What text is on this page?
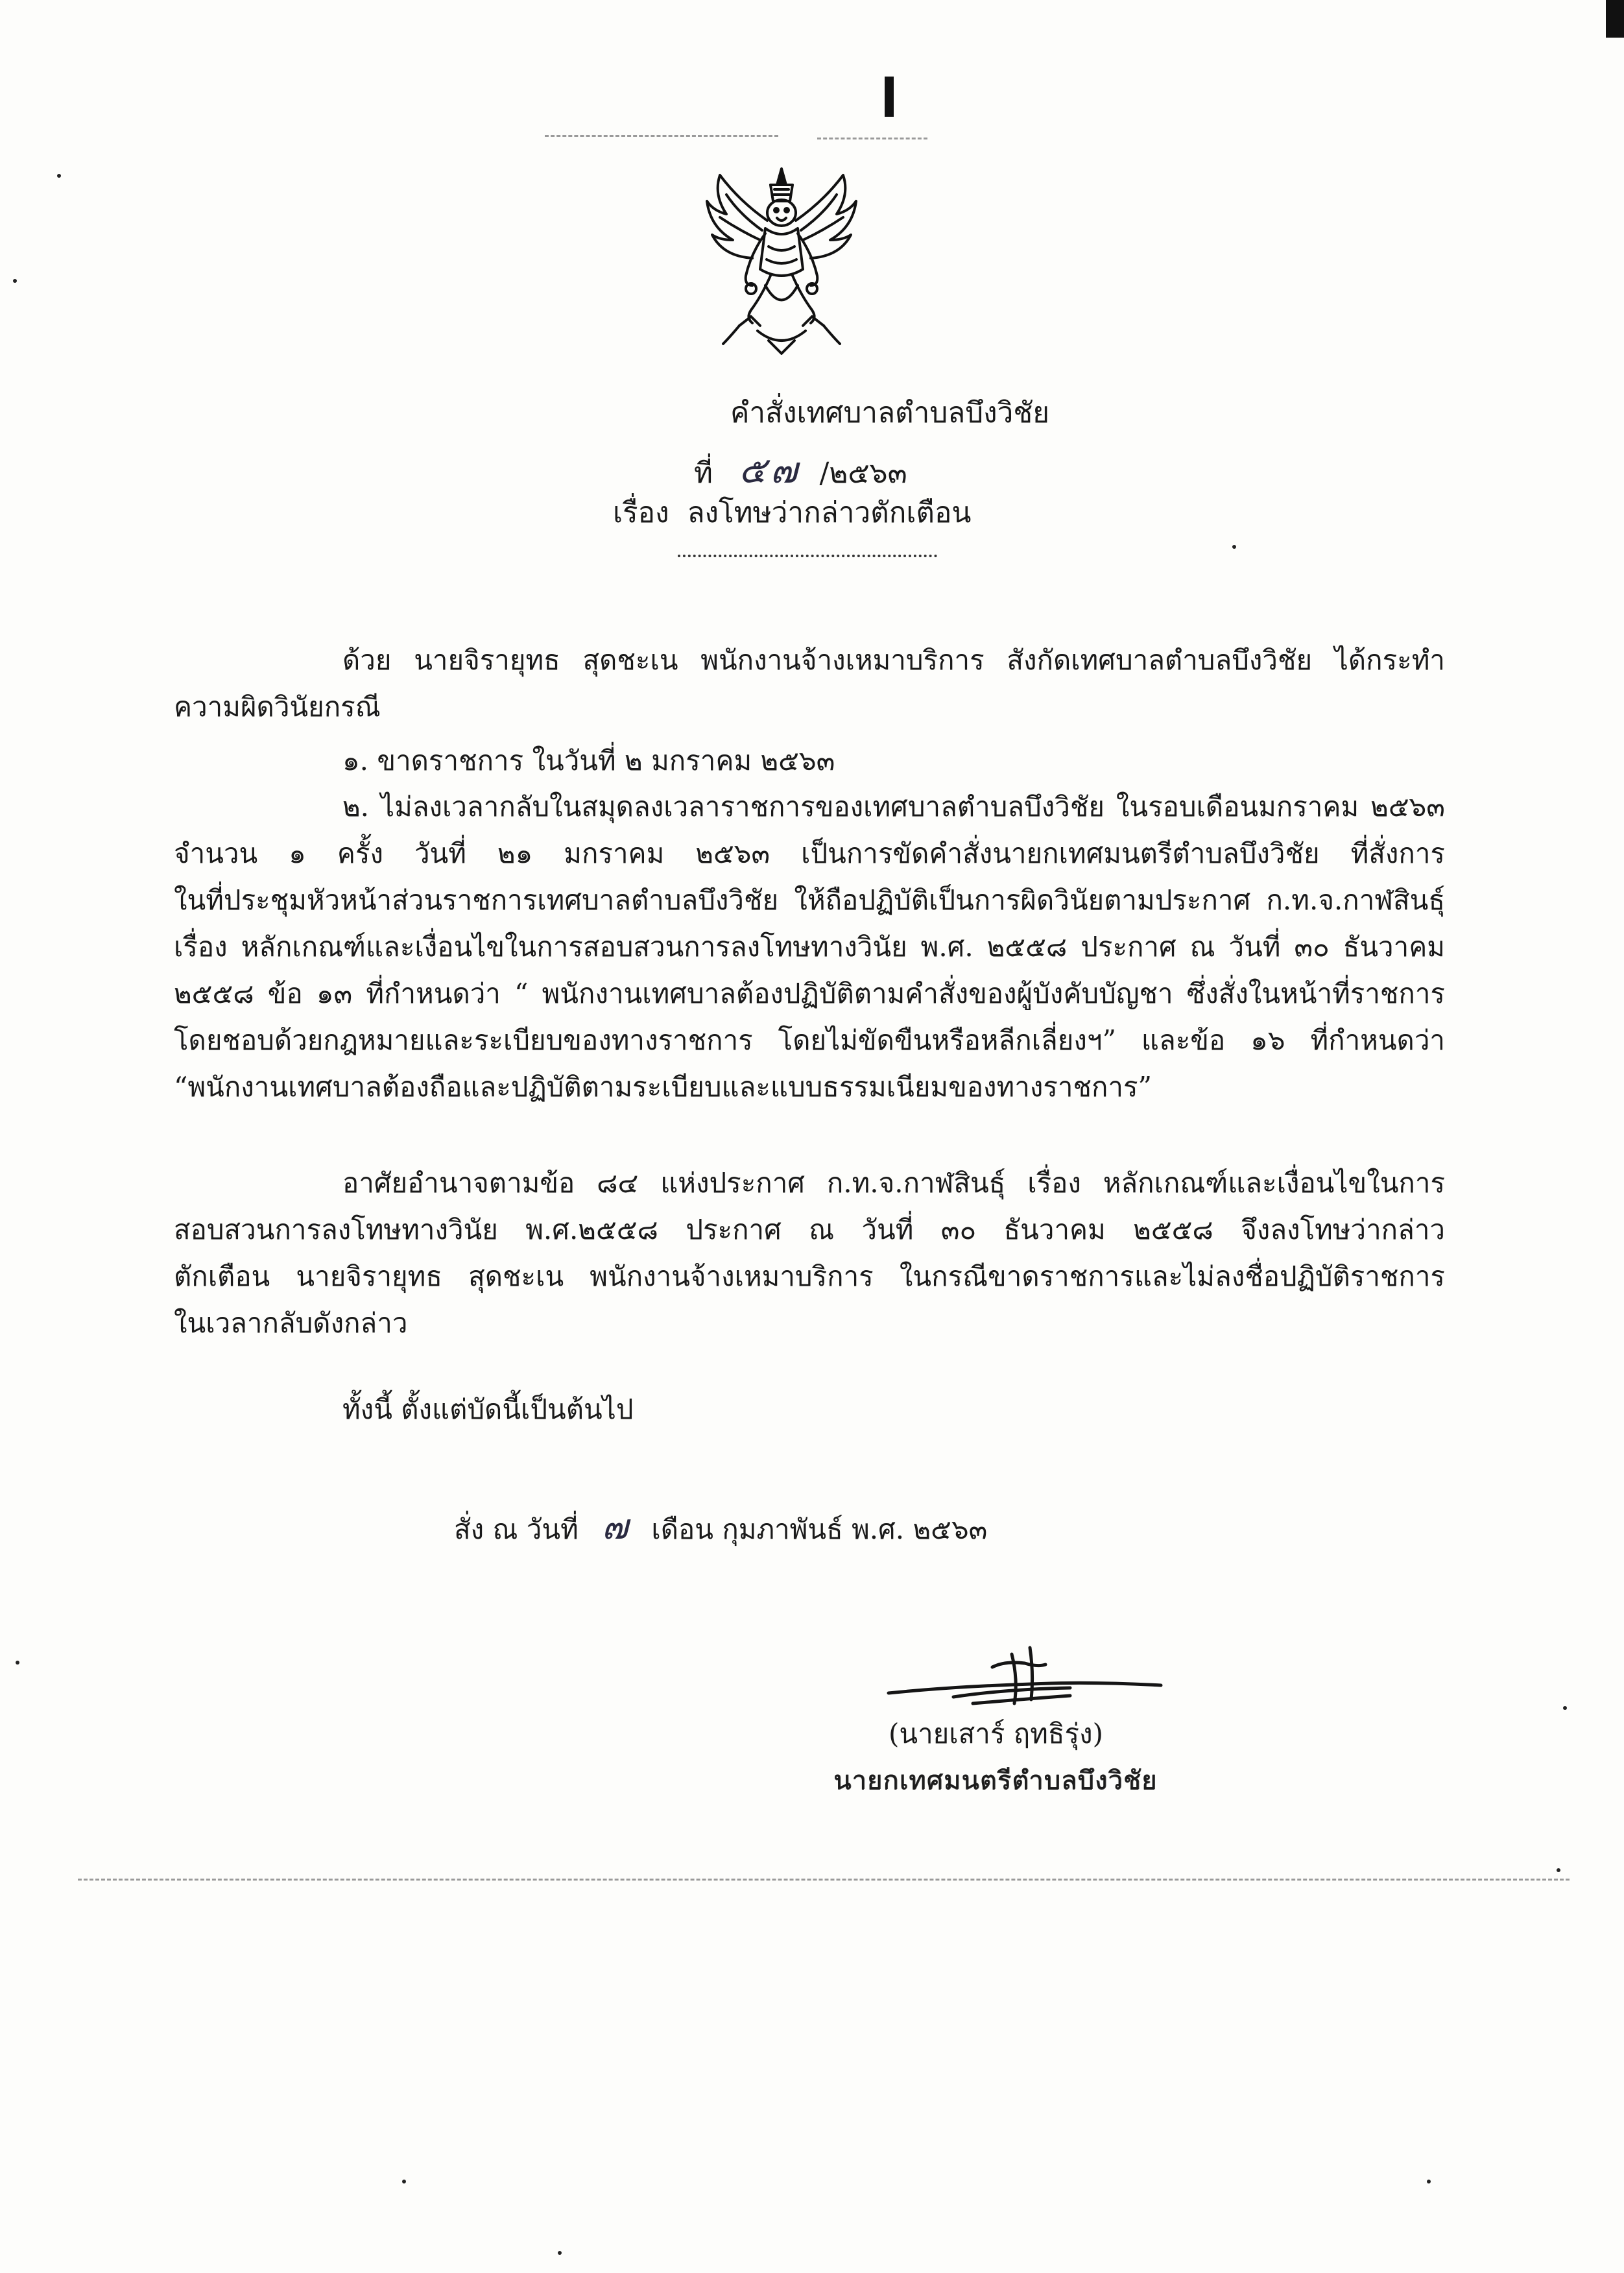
คำสั่งเทศบาลตำบลบึงวิชัย
ที่ ๕๗ /๒๕๖๓
เรื่อง ลงโทษว่ากล่าวตักเตือน
ด้วย นายจิรายุทธ สุดชะเน พนักงานจ้างเหมาบริการ สังกัดเทศบาลตำบลบึงวิชัย ได้กระทำ
ความผิดวินัยกรณี
๑. ขาดราชการ ในวันที่ ๒ มกราคม ๒๕๖๓
๒. ไม่ลงเวลากลับในสมุดลงเวลาราชการของเทศบาลตำบลบึงวิชัย ในรอบเดือนมกราคม ๒๕๖๓
จำนวน ๑ ครั้ง วันที่ ๒๑ มกราคม ๒๕๖๓ เป็นการขัดคำสั่งนายกเทศมนตรีตำบลบึงวิชัย ที่สั่งการ
ในที่ประชุมหัวหน้าส่วนราชการเทศบาลตำบลบึงวิชัย ให้ถือปฏิบัติเป็นการผิดวินัยตามประกาศ ก.ท.จ.กาฬสินธุ์
เรื่อง หลักเกณฑ์และเงื่อนไขในการสอบสวนการลงโทษทางวินัย พ.ศ. ๒๕๕๘ ประกาศ ณ วันที่ ๓๐ ธันวาคม
๒๕๕๘ ข้อ ๑๓ ที่กำหนดว่า “ พนักงานเทศบาลต้องปฏิบัติตามคำสั่งของผู้บังคับบัญชา ซึ่งสั่งในหน้าที่ราชการ
โดยชอบด้วยกฎหมายและระเบียบของทางราชการ โดยไม่ขัดขืนหรือหลีกเลี่ยงฯ” และข้อ ๑๖ ที่กำหนดว่า
“พนักงานเทศบาลต้องถือและปฏิบัติตามระเบียบและแบบธรรมเนียมของทางราชการ”
อาศัยอำนาจตามข้อ ๘๔ แห่งประกาศ ก.ท.จ.กาฬสินธุ์ เรื่อง หลักเกณฑ์และเงื่อนไขในการ
สอบสวนการลงโทษทางวินัย พ.ศ.๒๕๕๘ ประกาศ ณ วันที่ ๓๐ ธันวาคม ๒๕๕๘ จึงลงโทษว่ากล่าว
ตักเตือน นายจิรายุทธ สุดชะเน พนักงานจ้างเหมาบริการ ในกรณีขาดราชการและไม่ลงชื่อปฏิบัติราชการ
ในเวลากลับดังกล่าว
ทั้งนี้ ตั้งแต่บัดนี้เป็นต้นไป
สั่ง ณ วันที่ ๗ เดือน กุมภาพันธ์ พ.ศ. ๒๕๖๓
(นายเสาร์ ฤทธิรุ่ง)
นายกเทศมนตรีตำบลบึงวิชัย
